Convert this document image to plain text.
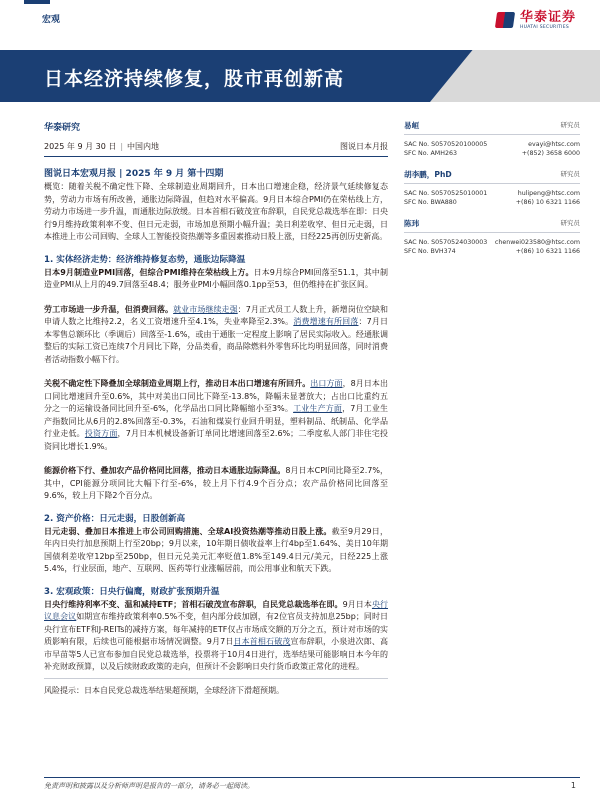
宏观	华泰证券
HUATAI SECURITIES
日本经济持续修复，股市再创新高
华泰研究
2025 年 9 月 30 日 | 中国内地	图说日本月报
图说日本宏观月报 | 2025 年 9 月 第十四期
概览：随着关税不确定性下降、全球制造业周期回升，日本出口增速企稳，经济景气延续修复态势，劳动力市场有所改善，通胀边际降温，但趋对水平偏高。9月日本综合PMI仍在荣枯线上方，劳动力市场进一步升温，而通胀边际放缓。日本首相石破茂宣布辞职，自民党总裁选举在即：日央行9月维持政策利率不变、但日元走弱，市场加息预期小幅升温；美日利差收窄、但日元走弱，日本推进上市公司回购、全球人工智能投资热潮等多重因素推动日股上涨，日经225再创历史新高。
1. 实体经济走势：经济维持修复态势，通胀边际降温
日本9月制造业PMI回落，但综合PMI维持在荣枯线上方。日本9月综合PMI回落至51.1，其中制造业PMI从上月的49.7回落至48.4；服务业PMI小幅回落0.1pp至53，但仍维持在扩张区间。
劳工市场进一步升温，但消费回落。就业市场继续走强：7月正式员工人数上升，新增岗位空缺和申请人数之比维持2.2，名义工资增速升至4.1%，失业率降至2.3%。消费增速有所回落：7月日本零售总额环比（季调后）回落至-1.6%，或由于通胀一定程度上影响了居民实际收入。经通胀调整后的实际工资已连续7个月同比下降，分品类看，商品除燃料外零售环比均明显回落，同时消费者活动指数小幅下行。
关税不确定性下降叠加全球制造业周期上行，推动日本出口增速有所回升。出口方面，8月日本出口同比增速回升至0.6%，其中对美出口同比下降至-13.8%，降幅未显著放大；占出口比重约五分之一的运输设备同比回升至-6%，化学品出口同比降幅缩小至3%。工业生产方面，7月工业生产指数同比从6月的2.8%回落至-0.3%，石油和煤炭行业回升明显，塑料制品、纸制品、化学品行业走低。投资方面，7月日本机械设备新订单同比增速回落至2.6%；二季度私人部门非住宅投资同比增长1.9%。
能源价格下行、叠加农产品价格同比回落，推动日本通胀边际降温。8月日本CPI同比降至2.7%，其中，CPI能源分项同比大幅下行至-6%，较上月下行4.9个百分点；农产品价格同比回落至9.6%，较上月下降2个百分点。
2. 资产价格：日元走弱，日股创新高
日元走弱、叠加日本推进上市公司回购措施、全球AI投资热潮等推动日股上涨。截至9月29日，年内日央行加息预期上行至20bp；9月以来，10年期日债收益率上行4bp至1.64%、美日10年期国债利差收窄12bp至250bp，但日元兑美元汇率贬值1.8%至149.4日元/美元，日经225上涨5.4%，行业层面，地产、互联网、医药等行业涨幅居前，而公用事业和航天下跌。
3. 宏观政策：日央行偏鹰，财政扩张预期升温
日央行维持利率不变、温和减持ETF；首相石破茂宣布辞职，自民党总裁选举在即。9月日本央行议息会议如期宣布维持政策利率0.5%不变，但内部分歧加剧，有2位官员支持加息25bp；同时日央行宣布ETF和J-REITs的减持方案，每年减持的ETF仅占市场成交额的万分之五，预计对市场的实质影响有限，后续也可能根据市场情况调整。9月7日日本首相石破茂宣布辞职，小泉进次郎、高市早苗等5人已宣布参加自民党总裁选举，投票将于10月4日进行，选举结果可能影响日本今年的补充财政预算，以及后续财政政策的走向，但预计不会影响日央行货币政策正常化的进程。
风险提示：日本自民党总裁选举结果超预期，全球经济下滑超预期。
易峘	研究员
SAC No. S0570520100005	evayi@htsc.com
SFC No. AMH263	+(852) 3658 6000
胡李鹏，PhD	研究员
SAC No. S0570525010001	hulipeng@htsc.com
SFC No. BWA880	+(86) 10 6321 1166
陈玮	研究员
SAC No. S0570524030003 chenwei023580@htsc.com
SFC No. BVH374	+(86) 10 6321 1166
免责声明和披露以及分析师声明是报告的一部分，请务必一起阅读。	1
